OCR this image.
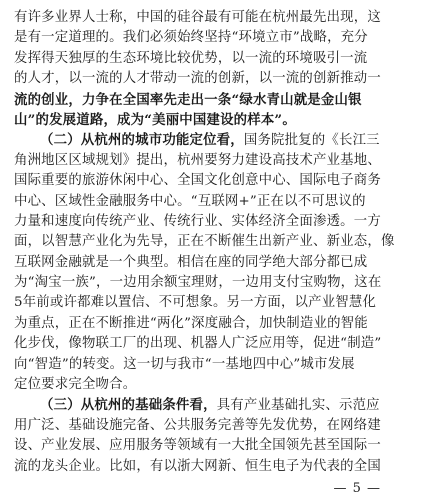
有许多业界人士称，中国的硅谷最有可能在杭州最先出现，这
是有一定道理的。我们必须始终坚持“环境立市”战略，充分
发挥得天独厚的生态环境比较优势，以一流的环境吸引一流
的人才，以一流的人才带动一流的创新，以一流的创新推动一
流的创业，力争在全国率先走出一条“绿水青山就是金山银
山”的发展道路，成为“美丽中国建设的样本”。
（二）从杭州的城市功能定位看，国务院批复的《长江三
角洲地区区域规划》提出，杭州要努力建设高技术产业基地、
国际重要的旅游休闲中心、全国文化创意中心、国际电子商务
中心、区域性金融服务中心。“互联网+”正在以不可思议的
力量和速度向传统产业、传统行业、实体经济全面渗透。一方
面，以智慧产业化为先导，正在不断催生出新产业、新业态，像
互联网金融就是一个典型。相信在座的同学绝大部分都已成
为“淘宝一族”，一边用余额宝理财，一边用支付宝购物，这在
5年前或许都难以置信、不可想象。另一方面，以产业智慧化
为重点，正在不断推进“两化”深度融合，加快制造业的智能
化步伐，像物联工厂的出现、机器人广泛应用等，促进“制造”
向“智造”的转变。这一切与我市“一基地四中心”城市发展
定位要求完全吻合。
（三）从杭州的基础条件看，具有产业基础扎实、示范应
用广泛、基础设施完备、公共服务完善等先发优势，在网络建
设、产业发展、应用服务等领域有一大批全国领先甚至国际一
流的龙头企业。比如，有以浙大网新、恒生电子为代表的全国
— 5 —
